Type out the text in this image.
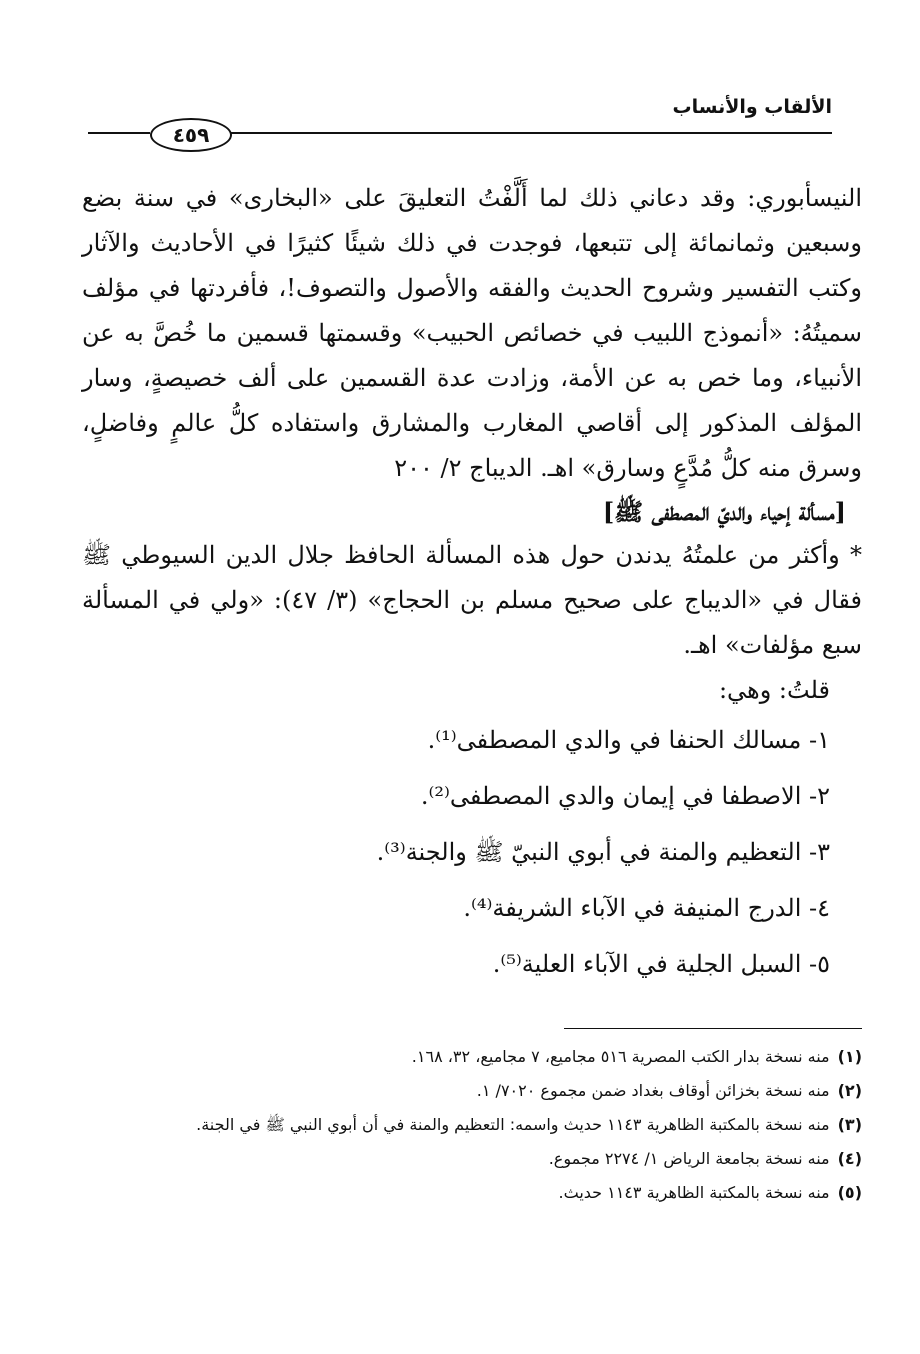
الألقاب والأنساب
٤٥٩

النيسأبوري: وقد دعاني ذلك لما أَلَّفْتُ التعليقَ على «البخارى» في سنة بضع وسبعين وثمانمائة إلى تتبعها، فوجدت في ذلك شيئًا كثيرًا في الأحاديث والآثار وكتب التفسير وشروح الحديث والفقه والأصول والتصوف!، فأفردتها في مؤلف سميتُهُ: «أنموذج اللبيب في خصائص الحبيب» وقسمتها قسمين ما خُصَّ به عن الأنبياء، وما خص به عن الأمة، وزادت عدة القسمين على ألف خصيصةٍ، وسار المؤلف المذكور إلى أقاصي المغارب والمشارق واستفاده كلُّ عالمٍ وفاضلٍ، وسرق منه كلُّ مُدَّعٍ وسارق» اهـ. الديباج ٢/ ٢٠٠

[مسألة إحياء والديّ المصطفى ﷺ]

* وأكثر من علمتُهُ يدندن حول هذه المسألة الحافظ جلال الدين السيوطي ﷺ فقال في «الديباج على صحيح مسلم بن الحجاج» (٣/ ٤٧): «ولي في المسألة سبع مؤلفات» اهـ.

قلتُ: وهي:

١- مسالك الحنفا في والدي المصطفى⁽¹⁾.
٢- الاصطفا في إيمان والدي المصطفى⁽²⁾.
٣- التعظيم والمنة في أبوي النبيّ ﷺ والجنة⁽³⁾.
٤- الدرج المنيفة في الآباء الشريفة⁽⁴⁾.
٥- السبل الجلية في الآباء العلية⁽⁵⁾.
(١)
منه نسخة بدار الكتب المصرية ٥١٦ مجاميع، ٧ مجاميع، ٣٢، ١٦٨.
(٢)
منه نسخة بخزائن أوقاف بغداد ضمن مجموع ٧٠٢٠/ ١.
(٣)
منه نسخة بالمكتبة الظاهرية ١١٤٣ حديث واسمه: التعظيم والمنة في أن أبوي النبي ﷺ في الجنة.
(٤)
منه نسخة بجامعة الرياض ١/ ٢٢٧٤ مجموع.
(٥)
منه نسخة بالمكتبة الظاهرية ١١٤٣ حديث.
